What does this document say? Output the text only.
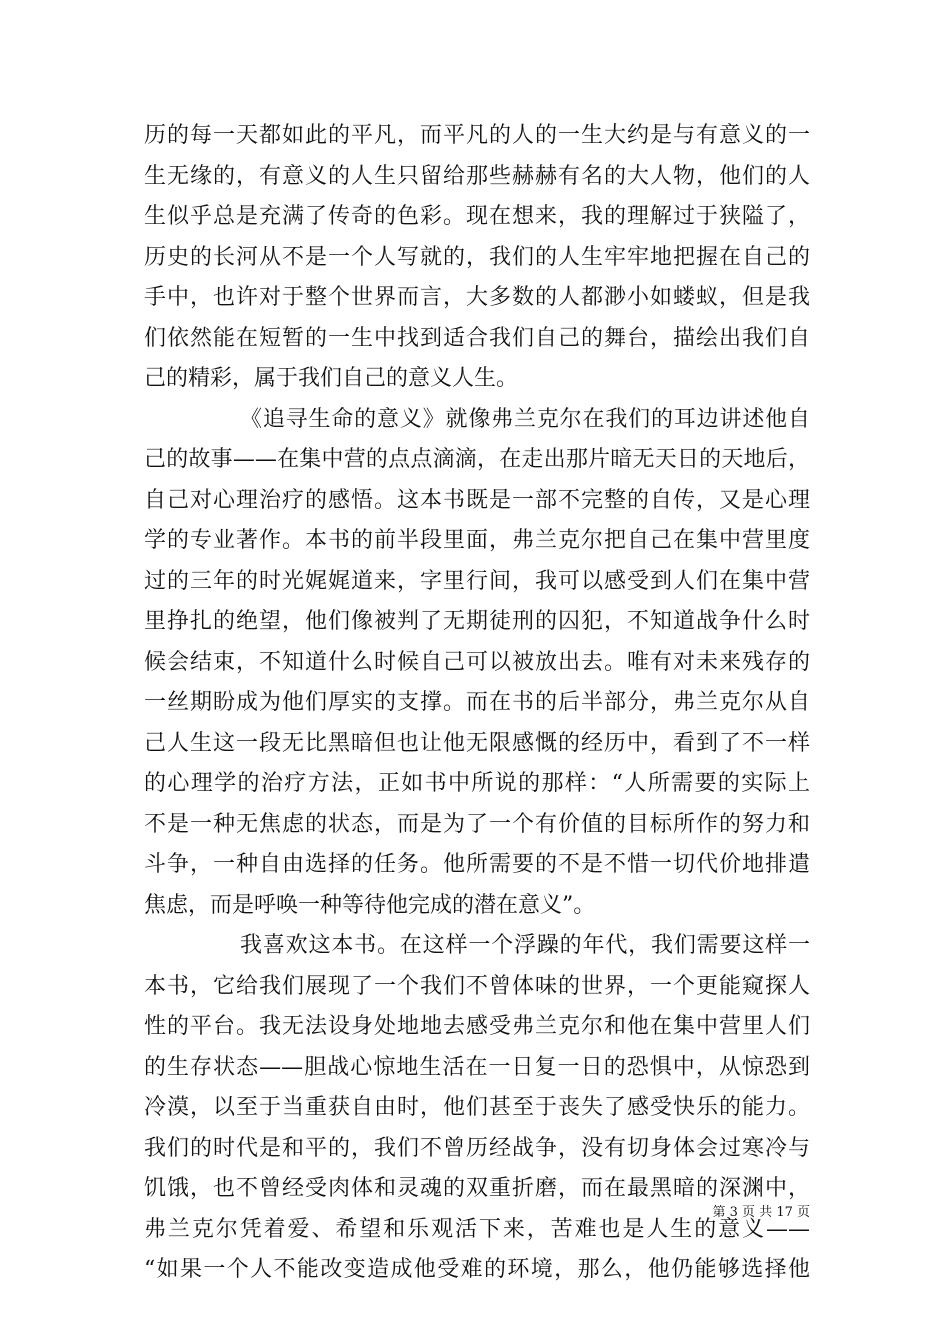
历的每一天都如此的平凡，而平凡的人的一生大约是与有意义的一
生无缘的，有意义的人生只留给那些赫赫有名的大人物，他们的人
生似乎总是充满了传奇的色彩。现在想来，我的理解过于狭隘了，
历史的长河从不是一个人写就的，我们的人生牢牢地把握在自己的
手中，也许对于整个世界而言，大多数的人都渺小如蝼蚁，但是我
们依然能在短暂的一生中找到适合我们自己的舞台，描绘出我们自
己的精彩，属于我们自己的意义人生。
《追寻生命的意义》就像弗兰克尔在我们的耳边讲述他自
己的故事——在集中营的点点滴滴，在走出那片暗无天日的天地后，
自己对心理治疗的感悟。这本书既是一部不完整的自传，又是心理
学的专业著作。本书的前半段里面，弗兰克尔把自己在集中营里度
过的三年的时光娓娓道来，字里行间，我可以感受到人们在集中营
里挣扎的绝望，他们像被判了无期徒刑的囚犯，不知道战争什么时
候会结束，不知道什么时候自己可以被放出去。唯有对未来残存的
一丝期盼成为他们厚实的支撑。而在书的后半部分，弗兰克尔从自
己人生这一段无比黑暗但也让他无限感慨的经历中，看到了不一样
的心理学的治疗方法，正如书中所说的那样：“人所需要的实际上
不是一种无焦虑的状态，而是为了一个有价值的目标所作的努力和
斗争，一种自由选择的任务。他所需要的不是不惜一切代价地排遣
焦虑，而是呼唤一种等待他完成的潜在意义”。
我喜欢这本书。在这样一个浮躁的年代，我们需要这样一
本书，它给我们展现了一个我们不曾体味的世界，一个更能窥探人
性的平台。我无法设身处地地去感受弗兰克尔和他在集中营里人们
的生存状态——胆战心惊地生活在一日复一日的恐惧中，从惊恐到
冷漠，以至于当重获自由时，他们甚至于丧失了感受快乐的能力。
我们的时代是和平的，我们不曾历经战争，没有切身体会过寒冷与
饥饿，也不曾经受肉体和灵魂的双重折磨，而在最黑暗的深渊中，
弗兰克尔凭着爱、希望和乐观活下来，苦难也是人生的意义——
“如果一个人不能改变造成他受难的环境，那么，他仍能够选择他
第 3 页 共 17 页
